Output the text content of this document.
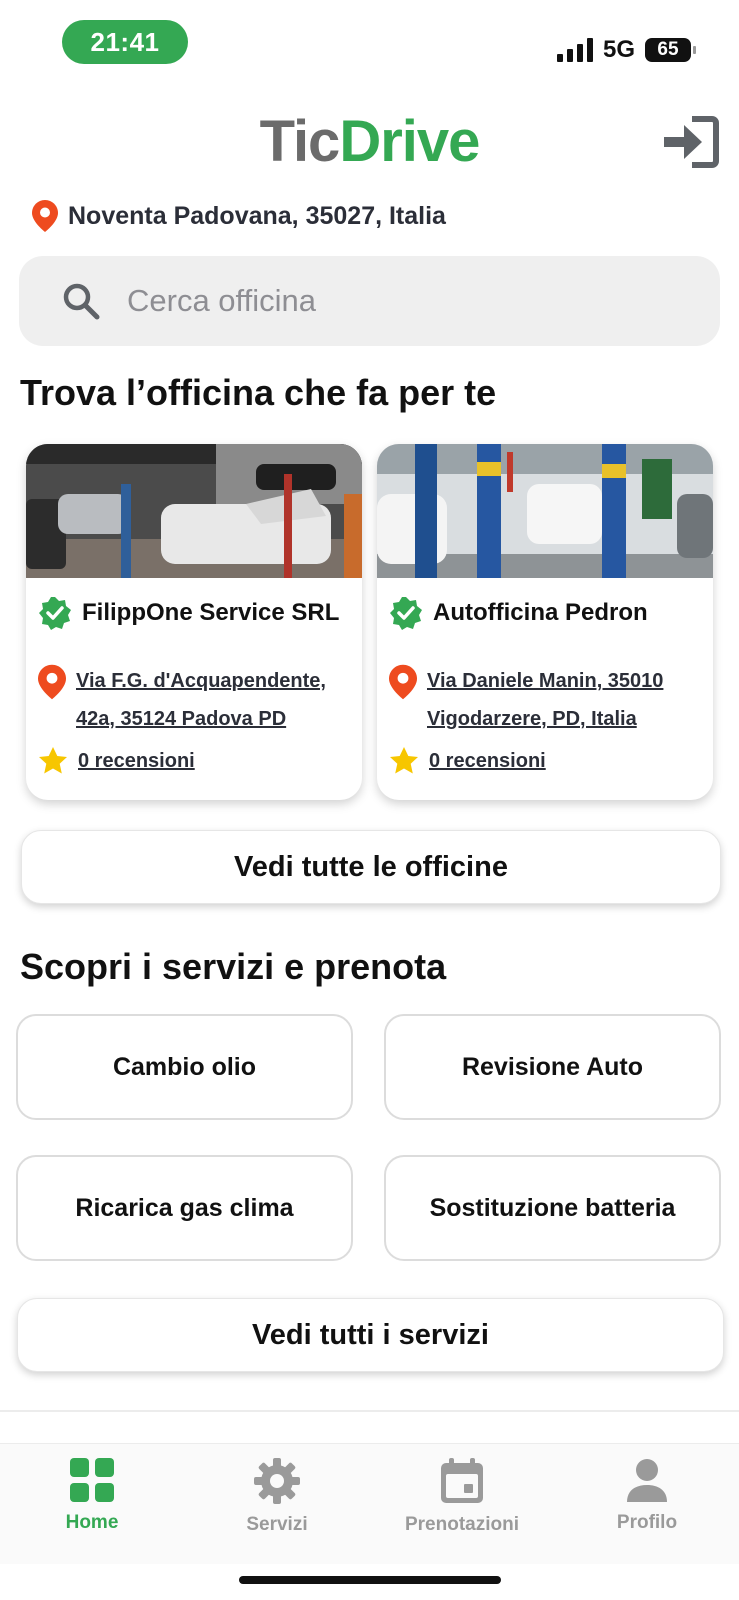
21:41	5G	65
TicDrive
Noventa Padovana, 35027, Italia
Cerca officina
Trova l’officina che fa per te
FilippOne Service SRL
Via F.G. d'Acquapendente, 42a, 35124 Padova PD
0 recensioni
Autofficina Pedron
Via Daniele Manin, 35010 Vigodarzere, PD, Italia
0 recensioni
Vedi tutte le officine
Scopri i servizi e prenota
Cambio olio	Revisione Auto
Ricarica gas clima	Sostituzione batteria
Vedi tutti i servizi
Home	Servizi	Prenotazioni	Profilo
